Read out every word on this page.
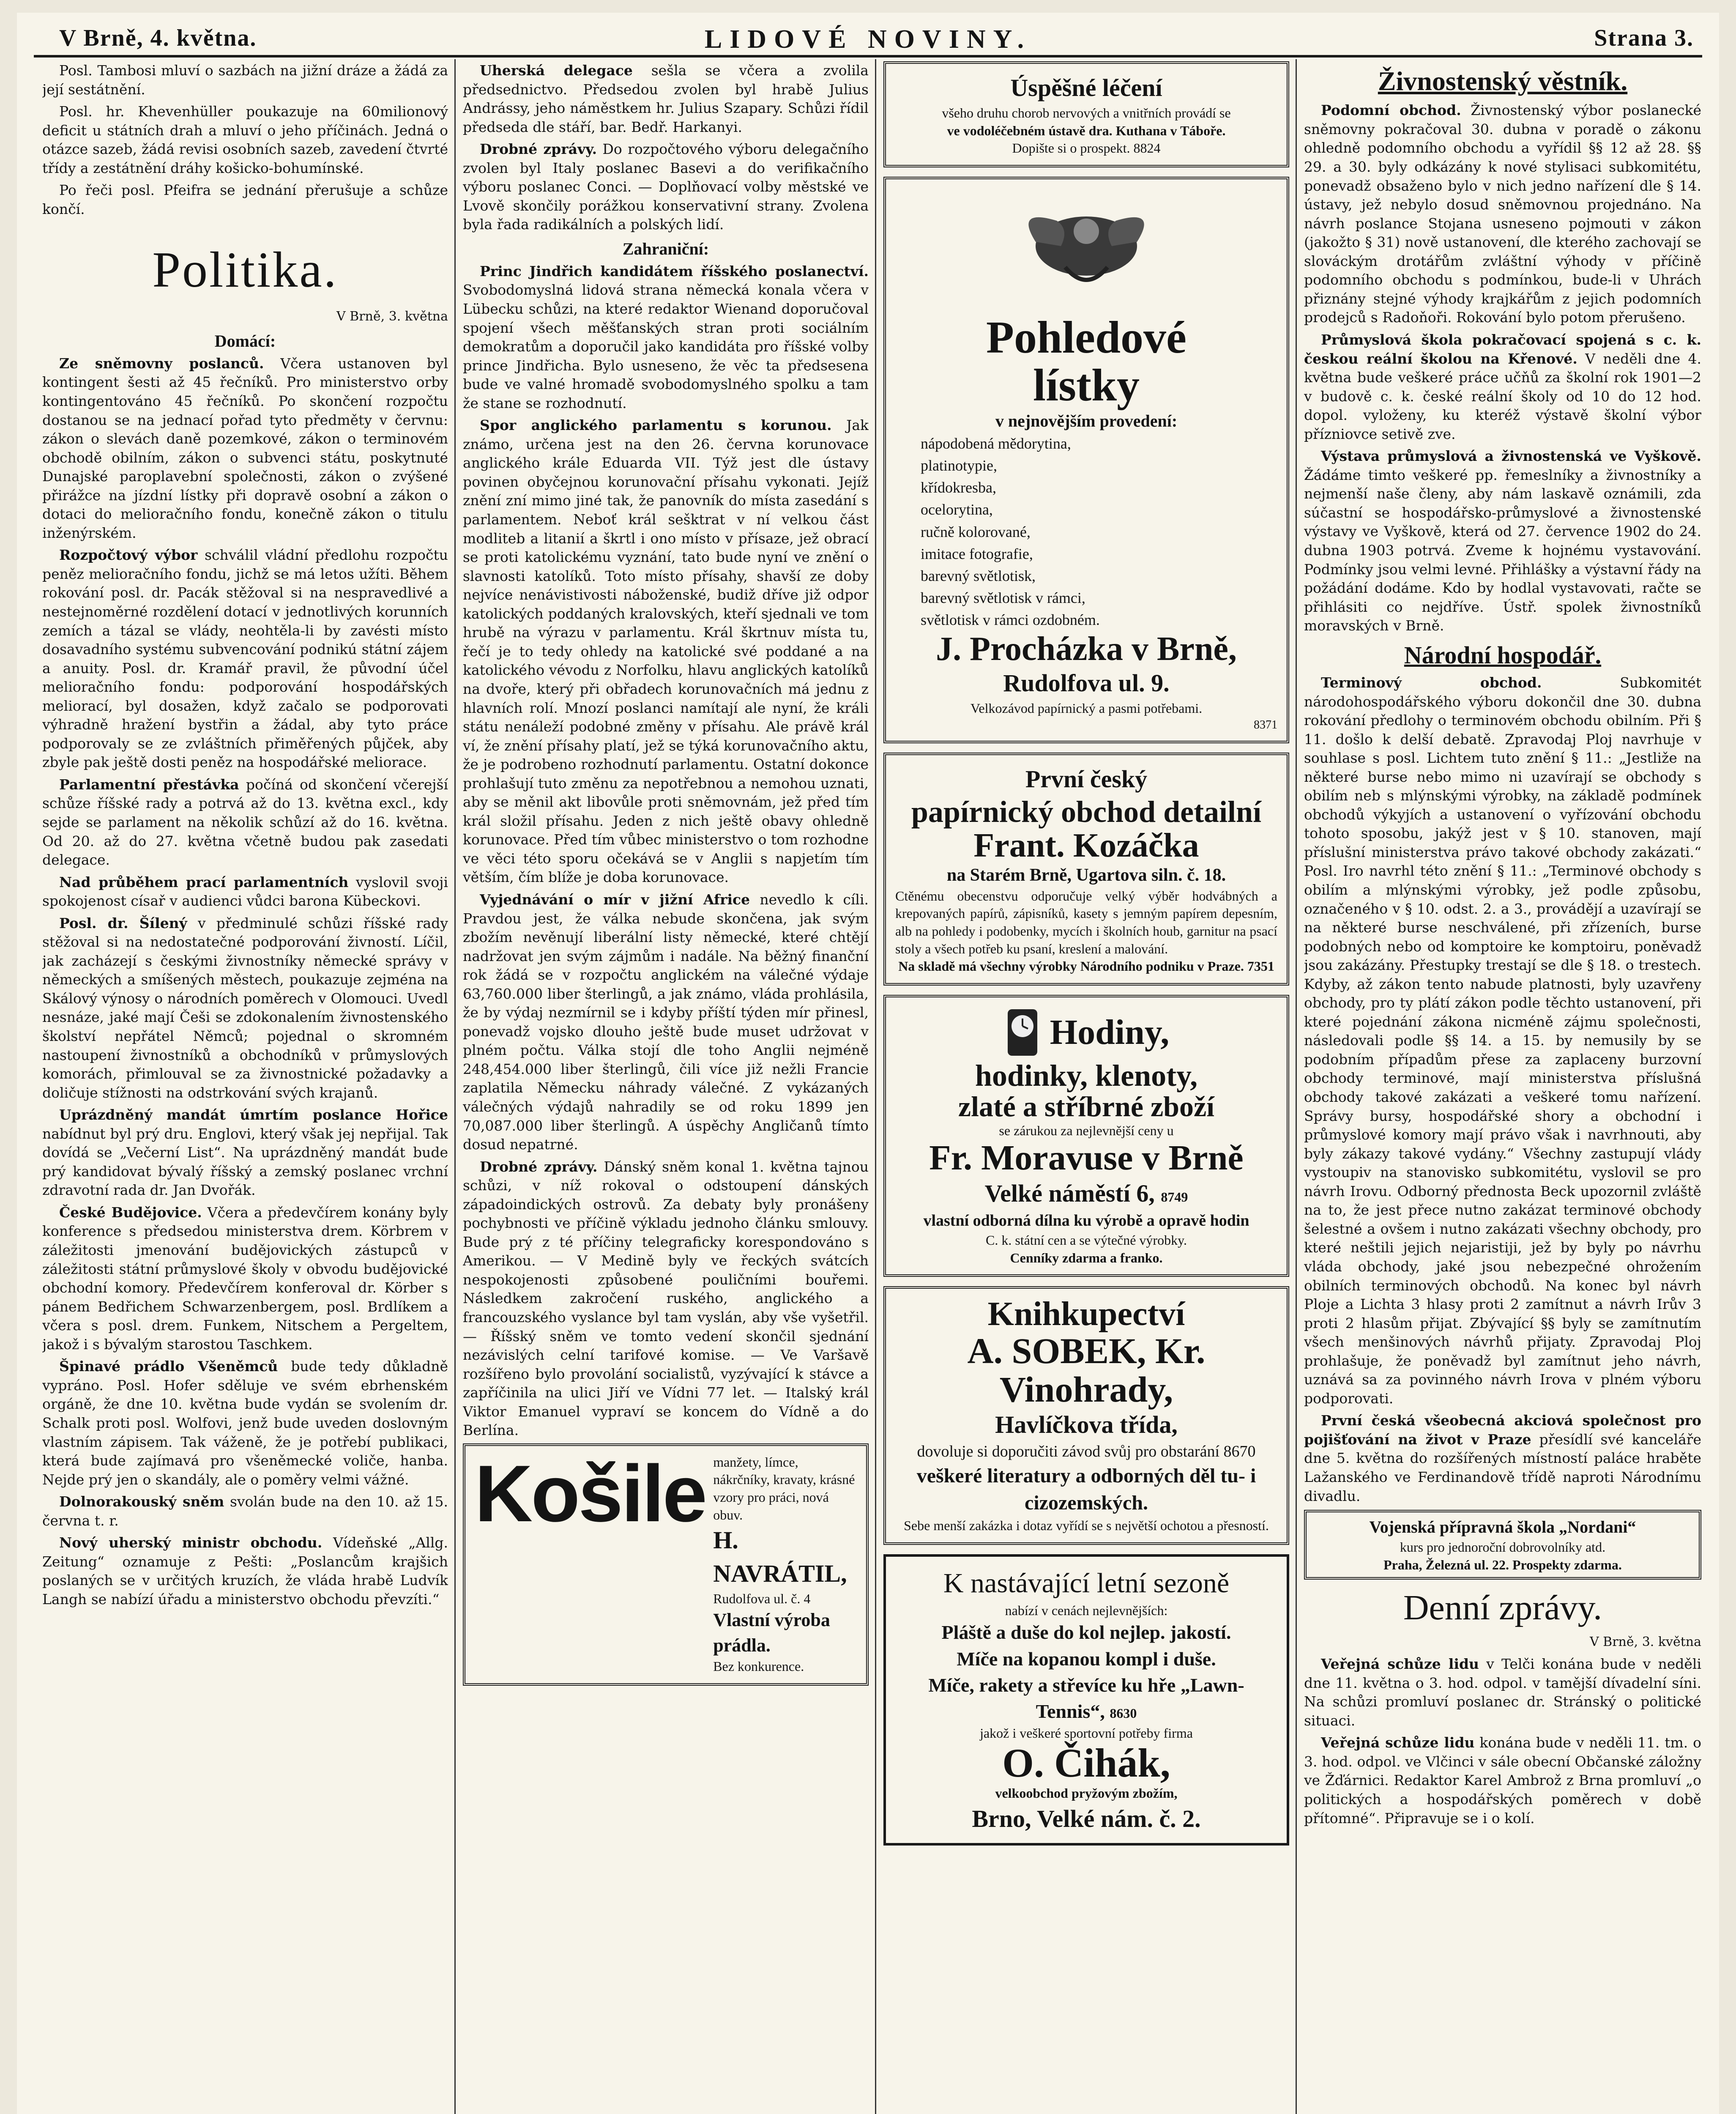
V Brně, 4. května.	LIDOVÉ NOVINY.	Strana 3.

Posl. Tambosi mluví o sazbách na jižní dráze a žádá za její sestátnění.

Posl. hr. Khevenhüller poukazuje na 60milionový deficit u státních drah a mluví o jeho příčinách. Jedná o otázce sazeb, žádá revisi osobních sazeb, zavedení čtvrté třídy a zestátnění dráhy košicko-bohumínské.

Po řeči posl. Pfeifra se jednání přerušuje a schůze končí.

Politika.
V Brně, 3. května
Domácí:

Ze sněmovny poslanců. Včera ustanoven byl kontingent šesti až 45 řečníků. Pro ministerstvo orby kontingentováno 45 řečníků. Po skončení rozpočtu dostanou se na jednací pořad tyto předměty v červnu: zákon o slevách daně pozemkové, zákon o terminovém obchodě obilním, zákon o subvenci státu, poskytnuté Dunajské paroplavební společnosti, zákon o zvýšené přirážce na jízdní lístky při dopravě osobní a zákon o dotaci do melioračního fondu, konečně zákon o titulu inženýrském.

Rozpočtový výbor schválil vládní předlohu rozpočtu peněz melioračního fondu, jichž se má letos užíti. Během rokování posl. dr. Pacák stěžoval si na nespravedlivé a nestejnoměrné rozdělení dotací v jednotlivých korunních zemích a tázal se vlády, neohtěla-li by zavésti místo dosavadního systému subvencování podnikú státní zájem a anuity. Posl. dr. Kramář pravil, že původní účel melioračního fondu: podporování hospodářských meliorací, byl dosažen, když začalo se podporovati výhradně hražení bystřin a žádal, aby tyto práce podporovaly se ze zvláštních přiměřených půjček, aby zbyle pak ještě dosti peněz na hospodářské meliorace.

Parlamentní přestávka počíná od skončení včerejší schůze říšské rady a potrvá až do 13. května excl., kdy sejde se parlament na několik schůzí až do 16. května. Od 20. až do 27. května včetně budou pak zasedati delegace.

Nad průběhem prací parlamentních vyslovil svoji spokojenost císař v audienci vůdci barona Kübeckovi.

Posl. dr. Šílený v předminulé schůzi říšské rady stěžoval si na nedostatečné podporování živností. Líčil, jak zacházejí s českými živnostníky německé správy v německých a smíšených městech, poukazuje zejména na Skálový výnosy o národních poměrech v Olomouci. Uvedl nesnáze, jaké mají Češi se zdokonalením živnostenského školství nepřátel Němců; pojednal o skromném nastoupení živnostníků a obchodníků v průmyslových komorách, přimlouval se za živnostnické požadavky a doličuje stížnosti na odstrkování svých krajanů.

Uprázdněný mandát úmrtím poslance Hořice nabídnut byl prý dru. Englovi, který však jej nepřijal. Tak dovídá se „Večerní List“. Na uprázdněný mandát bude prý kandidovat bývalý říšský a zemský poslanec vrchní zdravotní rada dr. Jan Dvořák.

České Budějovice. Včera a předevčírem konány byly konference s předsedou ministerstva drem. Körbrem v záležitosti jmenování budějovických zástupců v záležitosti státní průmyslové školy v obvodu budějovické obchodní komory. Předevčírem konferoval dr. Körber s pánem Bedřichem Schwarzenbergem, posl. Brdlíkem a včera s posl. drem. Funkem, Nitschem a Pergeltem, jakož i s bývalým starostou Taschkem.

Špinavé prádlo Všeněmců bude tedy důkladně vypráno. Posl. Hofer sděluje ve svém ebrhenském orgáně, že dne 10. května bude vydán se svolením dr. Schalk proti posl. Wolfovi, jenž bude uveden doslovným vlastním zápisem. Tak váženě, že je potřebí publikaci, která bude zajímavá pro všeněmecké voliče, hanba. Nejde prý jen o skandály, ale o poměry velmi vážné.

Dolnorakouský sněm svolán bude na den 10. až 15. června t. r.

Nový uherský ministr obchodu. Vídeňské „Allg. Zeitung“ oznamuje z Pešti: „Poslancům krajšich poslaných se v určitých kruzích, že vláda hrabě Ludvík Langh se nabízí úřadu a ministerstvo obchodu převzíti.“

Uherská delegace sešla se včera a zvolila předsednictvo. Předsedou zvolen byl hrabě Julius Andrássy, jeho náměstkem hr. Julius Szapary. Schůzi řídil předseda dle stáří, bar. Bedř. Harkanyi.

Drobné zprávy. Do rozpočtového výboru delegačního zvolen byl Italy poslanec Basevi a do verifikačního výboru poslanec Conci. — Doplňovací volby městské ve Lvově skončily porážkou konservativní strany. Zvolena byla řada radikálních a polských lidí.

Zahraniční:

Princ Jindřich kandidátem říšského poslanectví. Svobodomyslná lidová strana německá konala včera v Lübecku schůzi, na které redaktor Wienand doporučoval spojení všech měšťanských stran proti sociálním demokratům a doporučil jako kandidáta pro říšské volby prince Jindřicha. Bylo usneseno, že věc ta předsesena bude ve valné hromadě svobodomyslného spolku a tam že stane se rozhodnutí.

Spor anglického parlamentu s korunou. Jak známo, určena jest na den 26. června korunovace anglického krále Eduarda VII. Týž jest dle ústavy povinen obyčejnou korunovační přísahu vykonati. Jejíž znění zní mimo jiné tak, že panovník do místa zasedání s parlamentem. Neboť král sešktrat v ní velkou část modliteb a litanií a škrtl i ono místo v přísaze, jež obrací se proti katolickému vyznání, tato bude nyní ve znění o slavnosti katolíků. Toto místo přísahy, shavší ze doby nejvíce nenávistivosti náboženské, budiž dříve již odpor katolických poddaných kralovských, kteří sjednali ve tom hrubě na výrazu v parlamentu. Král škrtnuv místa tu, řečí je to tedy ohledy na katolické své poddané a na katolického vévodu z Norfolku, hlavu anglických katolíků na dvoře, který při obřadech korunovačních má jednu z hlavních rolí. Mnozí poslanci namítají ale nyní, že králi státu nenáleží podobné změny v přísahu. Ale právě král ví, že znění přísahy platí, jež se týká korunovačního aktu, že je podrobeno rozhodnutí parlamentu. Ostatní dokonce prohlašují tuto změnu za nepotřebnou a nemohou uznati, aby se měnil akt libovůle proti sněmovnám, jež před tím král složil přísahu. Jeden z nich ještě obavy ohledně korunovace. Před tím vůbec ministerstvo o tom rozhodne ve věci této sporu očekává se v Anglii s napjetím tím větším, čím blíže je doba korunovace.

Vyjednávání o mír v jižní Africe nevedlo k cíli. Pravdou jest, že válka nebude skončena, jak svým zbožím nevěnují liberální listy německé, které chtějí nadržovat jen svým zájmům i nadále. Na běžný finanční rok žádá se v rozpočtu anglickém na válečné výdaje 63,760.000 liber šterlingů, a jak známo, vláda prohlásila, že by výdaj nezmírnil se i kdyby příští týden mír přinesl, ponevadž vojsko dlouho ještě bude muset udržovat v plném počtu. Válka stojí dle toho Anglii nejméně 248,454.000 liber šterlingů, čili více již nežli Francie zaplatila Německu náhrady válečné. Z vykázaných válečných výdajů nahradily se od roku 1899 jen 70,087.000 liber šterlingů. A úspěchy Angličanů tímto dosud nepatrné.

Drobné zprávy. Dánský sněm konal 1. května tajnou schůzi, v níž rokoval o odstoupení dánských západoindických ostrovů. Za debaty byly pronášeny pochybnosti ve příčině výkladu jednoho článku smlouvy. Bude prý z té příčiny telegraficky korespondováno s Amerikou. — V Medině byly ve řeckých svátcích nespokojenosti způsobené pouličními bouřemi. Následkem zakročení ruského, anglického a francouzského vyslance byl tam vyslán, aby vše vyšetřil. — Říšský sněm ve tomto vedení skončil sjednání nezávislých celní tarifové komise. — Ve Varšavě rozšířeno bylo provolání socialistů, vyzývající k stávce a zapříčinila na ulici Jiří ve Vídni 77 let. — Italský král Viktor Emanuel vypraví se koncem do Vídně a do Berlína.

Košile manžety, límce, nákrčníky, kravaty, krásné vzory pro práci, nová obuv.
H. NAVRÁTIL,
Rudolfova ul. č. 4
Vlastní výroba
prádla.
Bez konkurence.
Úspěšné léčení
všeho druhu chorob nervových a vnitřních provádí se
ve vodoléčebném ústavě dra. Kuthana v Táboře.
Dopište si o prospekt. 8824
Pohledové
lístky
v nejnovějším provedení:
nápodobená mědorytina,
platinotypie,
křídokresba,
ocelorytina,
ručně kolorované,
imitace fotografie,
barevný světlotisk,
barevný světlotisk v rámci,
světlotisk v rámci ozdobném.
J. Procházka v Brně,
Rudolfova ul. 9.
Velkozávod papírnický a pasmi potřebami.
8371
První český
papírnický obchod detailní
Frant. Kozáčka
na Starém Brně, Ugartova siln. č. 18.
Ctěnému obecenstvu odporučuje velký výběr hodvábných a krepovaných papírů, zápisníků, kasety s jemným papírem depesním, alb na pohledy i podobenky, mycích i školních houb, garnitur na psací stoly a všech potřeb ku psaní, kreslení a malování.
Na skladě má všechny výrobky Národního podniku v Praze. 7351
Hodiny,
hodinky, klenoty,
zlaté a stříbrné zboží
se zárukou za nejlevnější ceny u
Fr. Moravuse v Brně
Velké náměstí 6, 8749
vlastní odborná dílna ku výrobě a opravě hodin
C. k. státní cen a se výtečné výrobky.
Cenníky zdarma a franko.
Knihkupectví
A. SOBEK, Kr. Vinohrady,
Havlíčkova třída,
dovoluje si doporučiti závod svůj pro obstarání 8670
veškeré literatury a odborných děl tu- i cizozemských.
Sebe menší zakázka i dotaz vyřídí se s největší ochotou a přesností.
K nastávající letní sezoně
nabízí v cenách nejlevnějších:
Pláště a duše do kol nejlep. jakostí.
Míče na kopanou kompl i duše.
Míče, rakety a střevíce ku hře „Lawn-Tennis“, 8630
jakož i veškeré sportovní potřeby firma
O. Čihák,
velkoobchod pryžovým zbožím,
Brno, Velké nám. č. 2.
Živnostenský věstník.

Podomní obchod. Živnostenský výbor poslanecké sněmovny pokračoval 30. dubna v poradě o zákonu ohledně podomního obchodu a vyřídil §§ 12 až 28. §§ 29. a 30. byly odkázány k nové stylisaci subkomitétu, ponevadž obsaženo bylo v nich jedno nařízení dle § 14. ústavy, jež nebylo dosud sněmovnou projednáno. Na návrh poslance Stojana usneseno pojmouti v zákon (jakožto § 31) nově ustanovení, dle kterého zachovají se slováckým drotářům zvláštní výhody v příčině podomního obchodu s podmínkou, bude-li v Uhrách přiznány stejné výhody krajkářům z jejich podomních prodejců s Radoňoři. Rokování bylo potom přerušeno.

Průmyslová škola pokračovací spojená s c. k. českou reální školou na Křenové. V neděli dne 4. května bude veškeré práce učňů za školní rok 1901—2 v budově c. k. české reální školy od 10 do 12 hod. dopol. vyloženy, ku kteréž výstavě školní výbor přízniovce setivě zve.

Výstava průmyslová a živnostenská ve Vyškově. Žádáme timto veškeré pp. řemeslníky a živnostníky a nejmenší naše členy, aby nám laskavě oznámili, zda súčastní se hospodářsko-průmyslové a živnostenské výstavy ve Vyškově, která od 27. července 1902 do 24. dubna 1903 potrvá. Zveme k hojnému vystavování. Podmínky jsou velmi levné. Přihlášky a výstavní řády na požádání dodáme. Kdo by hodlal vystavovati, račte se přihlásiti co nejdříve. Ústř. spolek živnostníků moravských v Brně.

Národní hospodář.

Terminový obchod.	Subkomitét národohospodářského výboru dokončil dne 30. dubna rokování předlohy o terminovém obchodu obilním. Při § 11. došlo k delší debatě. Zpravodaj Ploj navrhuje v souhlase s posl. Lichtem tuto znění § 11.: „Jestliže na některé burse nebo mimo ni uzavírají se obchody s obilím neb s mlýnskými výrobky, na základě podmínek obchodů výkyjích a ustanovení o vyřízování obchodu tohoto sposobu, jakýž jest v § 10. stanoven, mají příslušní ministerstva právo takové obchody zakázati.“ Posl. Iro navrhl této znění § 11.: „Terminové obchody s obilím a mlýnskými výrobky, jež podle způsobu, označeného v § 10. odst. 2. a 3., provádějí a uzavírají se na některé burse neschválené, při zřízeních, burse podobných nebo od komptoire ke komptoiru, poněvadž jsou zakázány. Přestupky trestají se dle § 18. o trestech. Kdyby, až zákon tento nabude platnosti, byly uzavřeny obchody, pro ty plátí zákon podle těchto ustanovení, při které pojednání zákona nicméně zájmu společnosti, následovali podle §§ 14. a 15. by nemusily by se podobním případům přese za zaplaceny burzovní obchody terminové, mají ministerstva příslušná obchody takové zakázati a veškeré tomu nařízení. Správy bursy, hospodářské shory a obchodní i průmyslové komory mají právo však i navrhnouti, aby byly zákazy takové vydány.“ Všechny zastupují vlády vystoupiv na stanovisko subkomitétu, vyslovil se pro návrh Irovu. Odborný přednosta Beck upozornil zvláště na to, že jest přece nutno zakázat terminové obchody šelestné a ovšem i nutno zakázati všechny obchody, pro které neštili jejich nejaristiji, jež by byly po návrhu vláda obchody, jaké jsou nebezpečné ohrožením obilních terminových obchodů. Na konec byl návrh Ploje a Lichta 3 hlasy proti 2 zamítnut a návrh Irův 3 proti 2 hlasům přijat. Zbývající §§ byly se zamítnutím všech menšinových návrhů přijaty. Zpravodaj Ploj prohlašuje, že poněvadž byl zamítnut jeho návrh, uznává sa za povinného návrh Irova v plném výboru podporovati.

První česká všeobecná akciová společnost pro pojišťování na život v Praze přesídlí své kanceláře dne 5. května do rozšířených místností paláce hraběte Lažanského ve Ferdinandově třídě naproti Národnímu divadlu.

Vojenská přípravná škola „Nordani“
kurs pro jednoroční dobrovolníky atd.
Praha, Železná ul. 22. Prospekty zdarma.
Denní zprávy.
V Brně, 3. května

Veřejná schůze lidu v Telči konána bude v neděli dne 11. května o 3. hod. odpol. v tamější dívadelní síni. Na schůzi promluví poslanec dr. Stránský o politické situaci.

Veřejná schůze lidu konána bude v neděli 11. tm. o 3. hod. odpol. ve Vlčinci v sále obecní Občanské záložny ve Žďárnici. Redaktor Karel Ambrož z Brna promluví „o politických a hospodářských poměrech v době přítomné“. Připravuje se i o kolí.
